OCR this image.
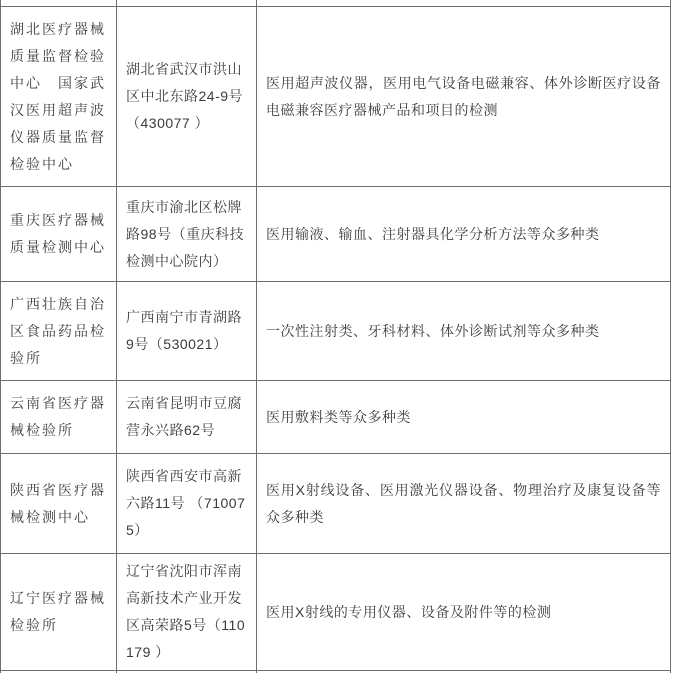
湖北医疗器械质量监督检验中心　国家武汉医用超声波仪器质量监督检验中心	湖北省武汉市洪山区中北东路24-9号（430077 ）	医用超声波仪器，医用电气设备电磁兼容、体外诊断医疗设备电磁兼容医疗器械产品和项目的检测
重庆医疗器械质量检测中心	重庆市渝北区松牌路98号（重庆科技检测中心院内）	医用输液、输血、注射器具化学分析方法等众多种类
广西壮族自治区食品药品检验所	广西南宁市青湖路9号（530021）	一次性注射类、牙科材料、体外诊断试剂等众多种类
云南省医疗器械检验所	云南省昆明市豆腐营永兴路62号	医用敷料类等众多种类
陕西省医疗器械检测中心	陕西省西安市高新六路11号 （710075）	医用X射线设备、医用激光仪器设备、物理治疗及康复设备等众多种类
辽宁医疗器械检验所	辽宁省沈阳市浑南高新技术产业开发区高荣路5号（110179 ）	医用X射线的专用仪器、设备及附件等的检测
